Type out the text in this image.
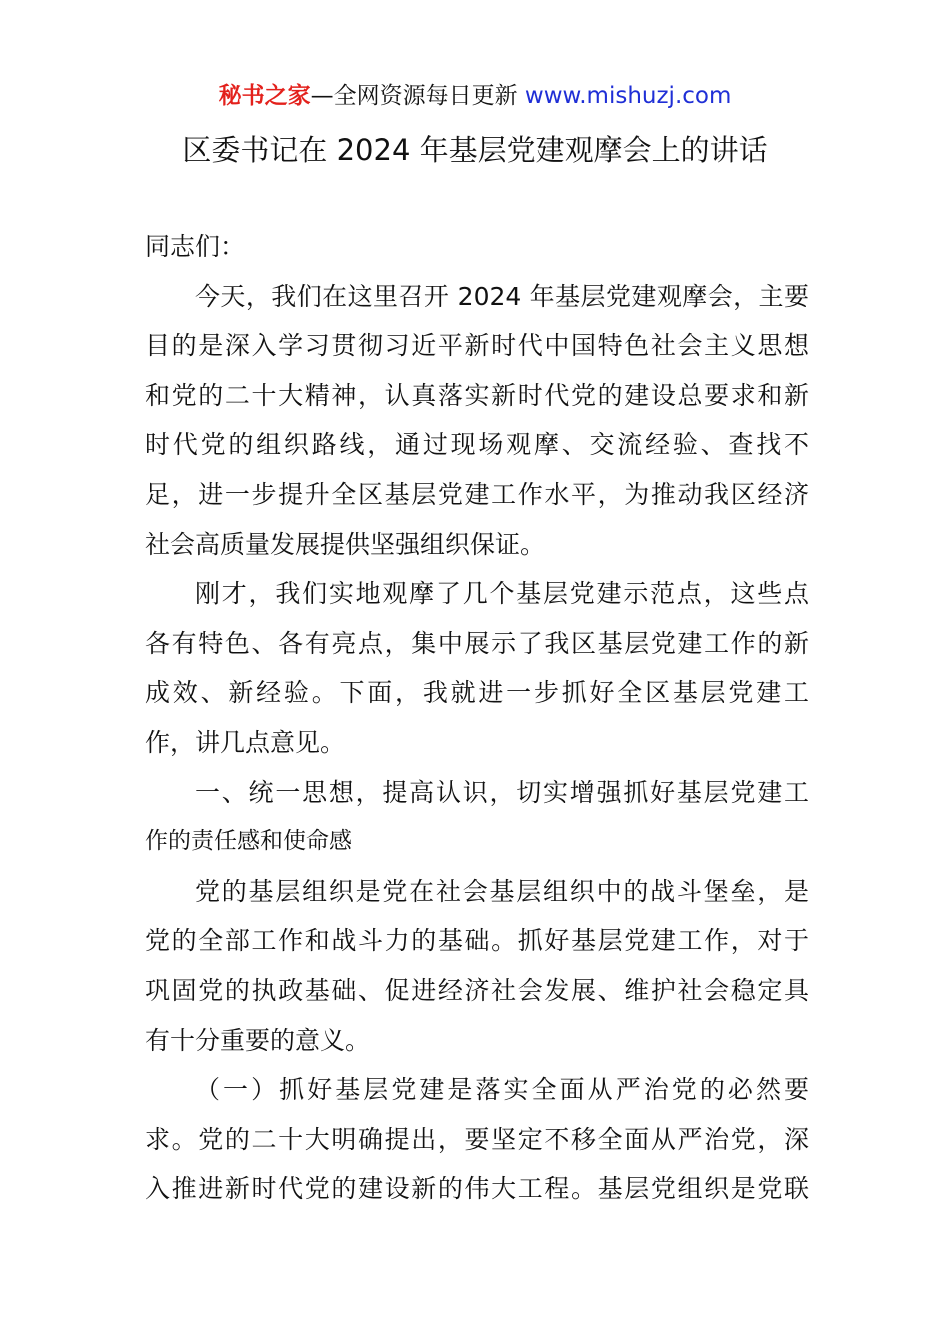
秘书之家—全网资源每日更新 www.mishuzj.com
区委书记在 2024 年基层党建观摩会上的讲话
同志们：
今天，我们在这里召开 2024 年基层党建观摩会，主要
目的是深入学习贯彻习近平新时代中国特色社会主义思想
和党的二十大精神，认真落实新时代党的建设总要求和新
时代党的组织路线，通过现场观摩、交流经验、查找不
足，进一步提升全区基层党建工作水平，为推动我区经济
社会高质量发展提供坚强组织保证。
刚才，我们实地观摩了几个基层党建示范点，这些点
各有特色、各有亮点，集中展示了我区基层党建工作的新
成效、新经验。下面，我就进一步抓好全区基层党建工
作，讲几点意见。
一、统一思想，提高认识，切实增强抓好基层党建工
作的责任感和使命感
党的基层组织是党在社会基层组织中的战斗堡垒，是
党的全部工作和战斗力的基础。抓好基层党建工作，对于
巩固党的执政基础、促进经济社会发展、维护社会稳定具
有十分重要的意义。
（一）抓好基层党建是落实全面从严治党的必然要
求。党的二十大明确提出，要坚定不移全面从严治党，深
入推进新时代党的建设新的伟大工程。基层党组织是党联
